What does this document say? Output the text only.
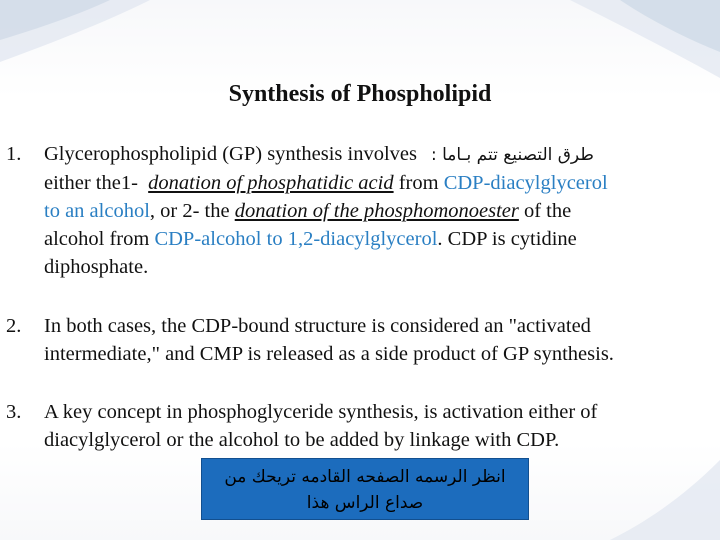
Synthesis of Phospholipid
1. Glycerophospholipid (GP) synthesis involves طرق التصنيع تتم بـاما :
either the1- donation of phosphatidic acid from CDP-diacylglycerol
to an alcohol, or 2- the donation of the phosphomonoester of the
alcohol from CDP-alcohol to 1,2-diacylglycerol. CDP is cytidine
diphosphate.
2. In both cases, the CDP-bound structure is considered an "activated
intermediate," and CMP is released as a side product of GP synthesis.
3. A key concept in phosphoglyceride synthesis, is activation either of
diacylglycerol or the alcohol to be added by linkage with CDP.
انظر الرسمه الصفحه القادمه تريحك من
صداع الراس هذا
